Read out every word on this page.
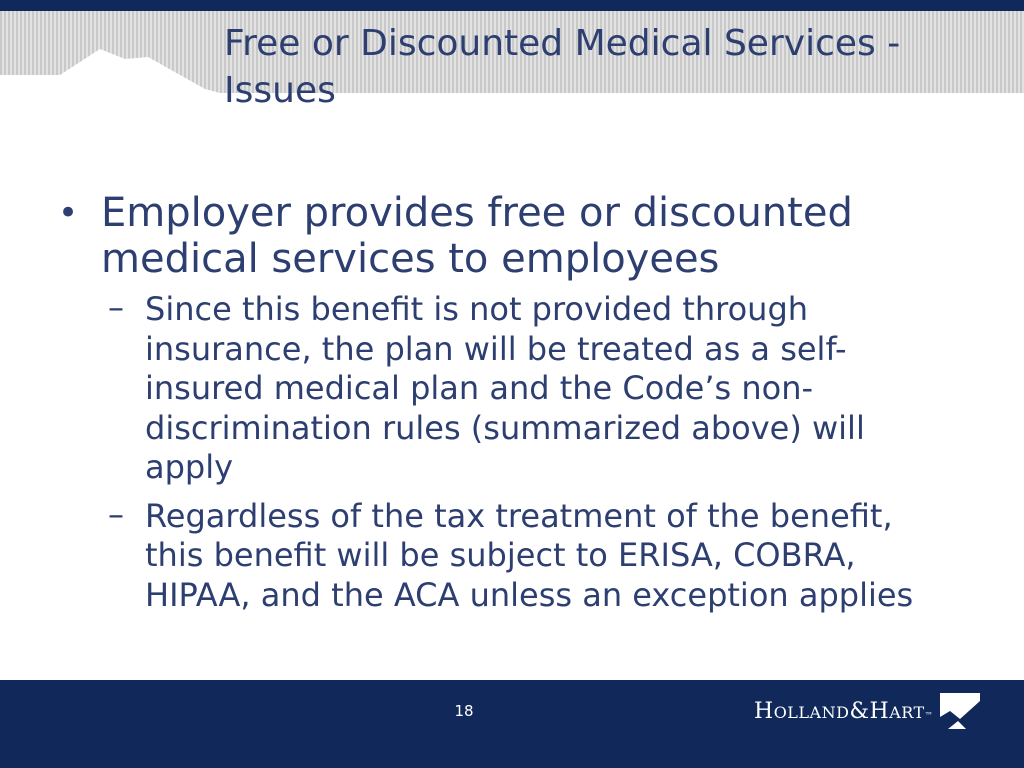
Free or Discounted Medical Services - Issues
• Employer provides free or discounted medical services to employees
– Since this benefit is not provided through insurance, the plan will be treated as a self-insured medical plan and the Code’s non-discrimination rules (summarized above) will apply
– Regardless of the tax treatment of the benefit, this benefit will be subject to ERISA, COBRA, HIPAA, and the ACA unless an exception applies
18	HOLLAND&HART™
